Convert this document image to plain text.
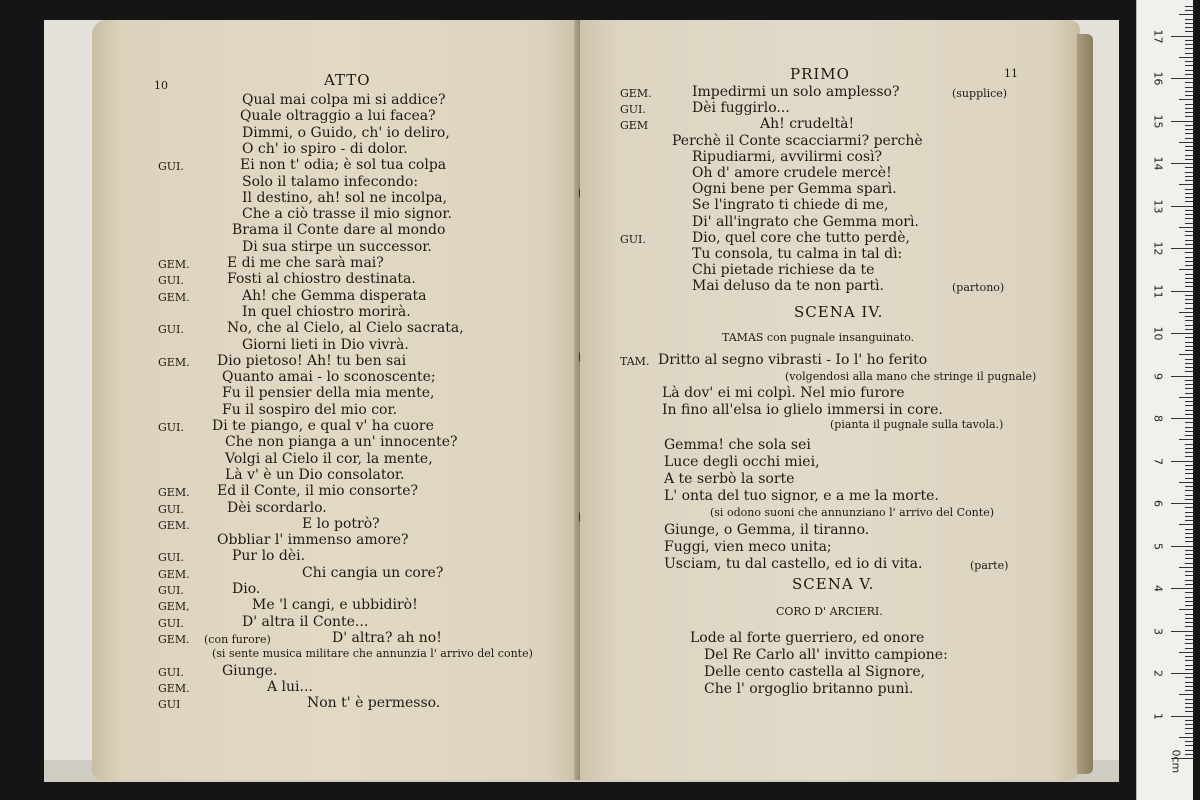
10	ATTO
Qual mai colpa mi si addice?
Quale oltraggio a lui facea?
Dimmi, o Guido, ch' io deliro,
O ch' io spiro - di dolor.
GUI.	Ei non t' odia; è sol tua colpa
Solo il talamo infecondo:
Il destino, ah! sol ne incolpa,
Che a ciò trasse il mio signor.
Brama il Conte dare al mondo
Di sua stirpe un successor.
GEM.	E di me che sarà mai?
GUI.	Fosti al chiostro destinata.
GEM.	Ah! che Gemma disperata
In quel chiostro morirà.
GUI.	No, che al Cielo, al Cielo sacrata,
Giorni lieti in Dio vivrà.
GEM. Dio pietoso! Ah! tu ben sai
Quanto amai - lo sconoscente;
Fu il pensier della mia mente,
Fu il sospiro del mio cor.
GUI. Di te piango, e qual v' ha cuore
Che non pianga a un' innocente?
Volgi al Cielo il cor, la mente,
Là v' è un Dio consolator.
GEM. Ed il Conte, il mio consorte?
GUI.	Dèi scordarlo.
GEM.	E lo potrò?
Obbliar l' immenso amore?
GUI.	Pur lo dèi.
GEM.	Chi cangia un core?
GUI.	Dio.
GEM,	Me 'l cangi, e ubbidirò!
GUI.	D' altra il Conte...
GEM.	D' altra? ah no!
(con furore)
(si sente musica militare che annunzia l' arrivo del conte)
GUI.	Giunge.
GEM.	A lui...
GUI	Non t' è permesso.
PRIMO	11
GEM.	Impedirmi un solo amplesso?	(supplice)
GUI.	Dèi fuggirlo...
GEM	Ah! crudeltà!
Perchè il Conte scacciarmi? perchè
Ripudiarmi, avvilirmi così?
Oh d' amore crudele mercè!
Ogni bene per Gemma sparì.
Se l'ingrato ti chiede di me,
Di' all'ingrato che Gemma morì.
GUI.	Dio, quel core che tutto perdè,
Tu consola, tu calma in tal dì:
Chi pietade richiese da te
Mai deluso da te non partì.	(partono)
SCENA IV.
TAMAS con pugnale insanguinato.
TAM. Dritto al segno vibrasti - Io l' ho ferito
(volgendosi alla mano che stringe il pugnale)
Là dov' ei mi colpì. Nel mio furore
In fino all'elsa io glielo immersi in core.
(pianta il pugnale sulla tavola.)
Gemma! che sola sei
Luce degli occhi miei,
A te serbò la sorte
L' onta del tuo signor, e a me la morte.
(si odono suoni che annunziano l' arrivo del Conte)
Giunge, o Gemma, il tiranno.
Fuggi, vien meco unita;
Usciam, tu dal castello, ed io di vita.	(parte)
SCENA V.
CORO D' ARCIERI.
Lode al forte guerriero, ed onore
Del Re Carlo all' invitto campione:
Delle cento castella al Signore,
Che l' orgoglio britanno punì.
0cm
1
2
3
4
5
6
7
8
9
10
11
12
13
14
15
16
17
